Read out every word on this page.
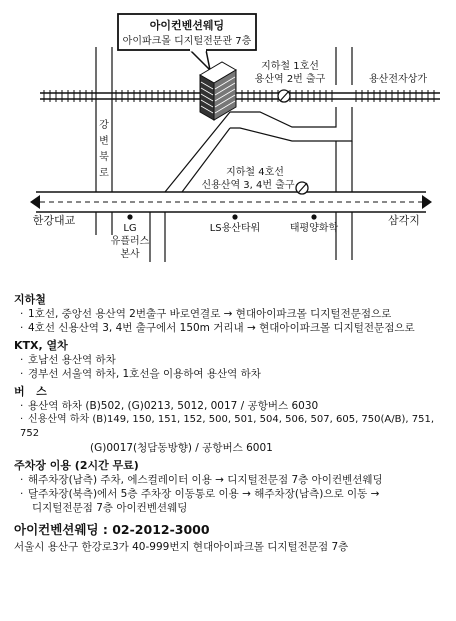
아이컨벤션웨딩
아이파크몰 디지털전문관 7층
지하철 1호선
용산역 2번 출구
지하철 4호선
신용산역 3, 4번 출구
강 변 북 로
용산전자상가
한강대교	삼각지
LG
유플러스
본사
LS용산타워	태평양화학
지하철
· 1호선, 중앙선 용산역 2번출구 바로연결로 → 현대아이파크몰 디지털전문점으로
· 4호선 신용산역 3, 4번 출구에서 150m 거리내 → 현대아이파크몰 디지털전문점으로
KTX, 열차
· 호남선 용산역 하차
· 경부선 서울역 하차, 1호선을 이용하여 용산역 하차
버   스
· 용산역 하차 (B)502, (G)0213, 5012, 0017 / 공항버스 6030
· 신용산역 하차 (B)149, 150, 151, 152, 500, 501, 504, 506, 507, 605, 750(A/B), 751, 752
(G)0017(청담동방향) / 공항버스 6001
주차장 이용 (2시간 무료)
· 해주차장(남측) 주차, 에스컬레이터 이용 → 디지털전문점 7층 아이컨벤션웨딩
· 달주차장(북측)에서 5층 주차장 이동통로 이용 → 해주차장(남측)으로 이동 →
디지털전문점 7층 아이컨벤션웨딩
아이컨벤션웨딩 : 02-2012-3000
서울시 용산구 한강로3가 40-999번지 현대아이파크몰 디지털전문점 7층
